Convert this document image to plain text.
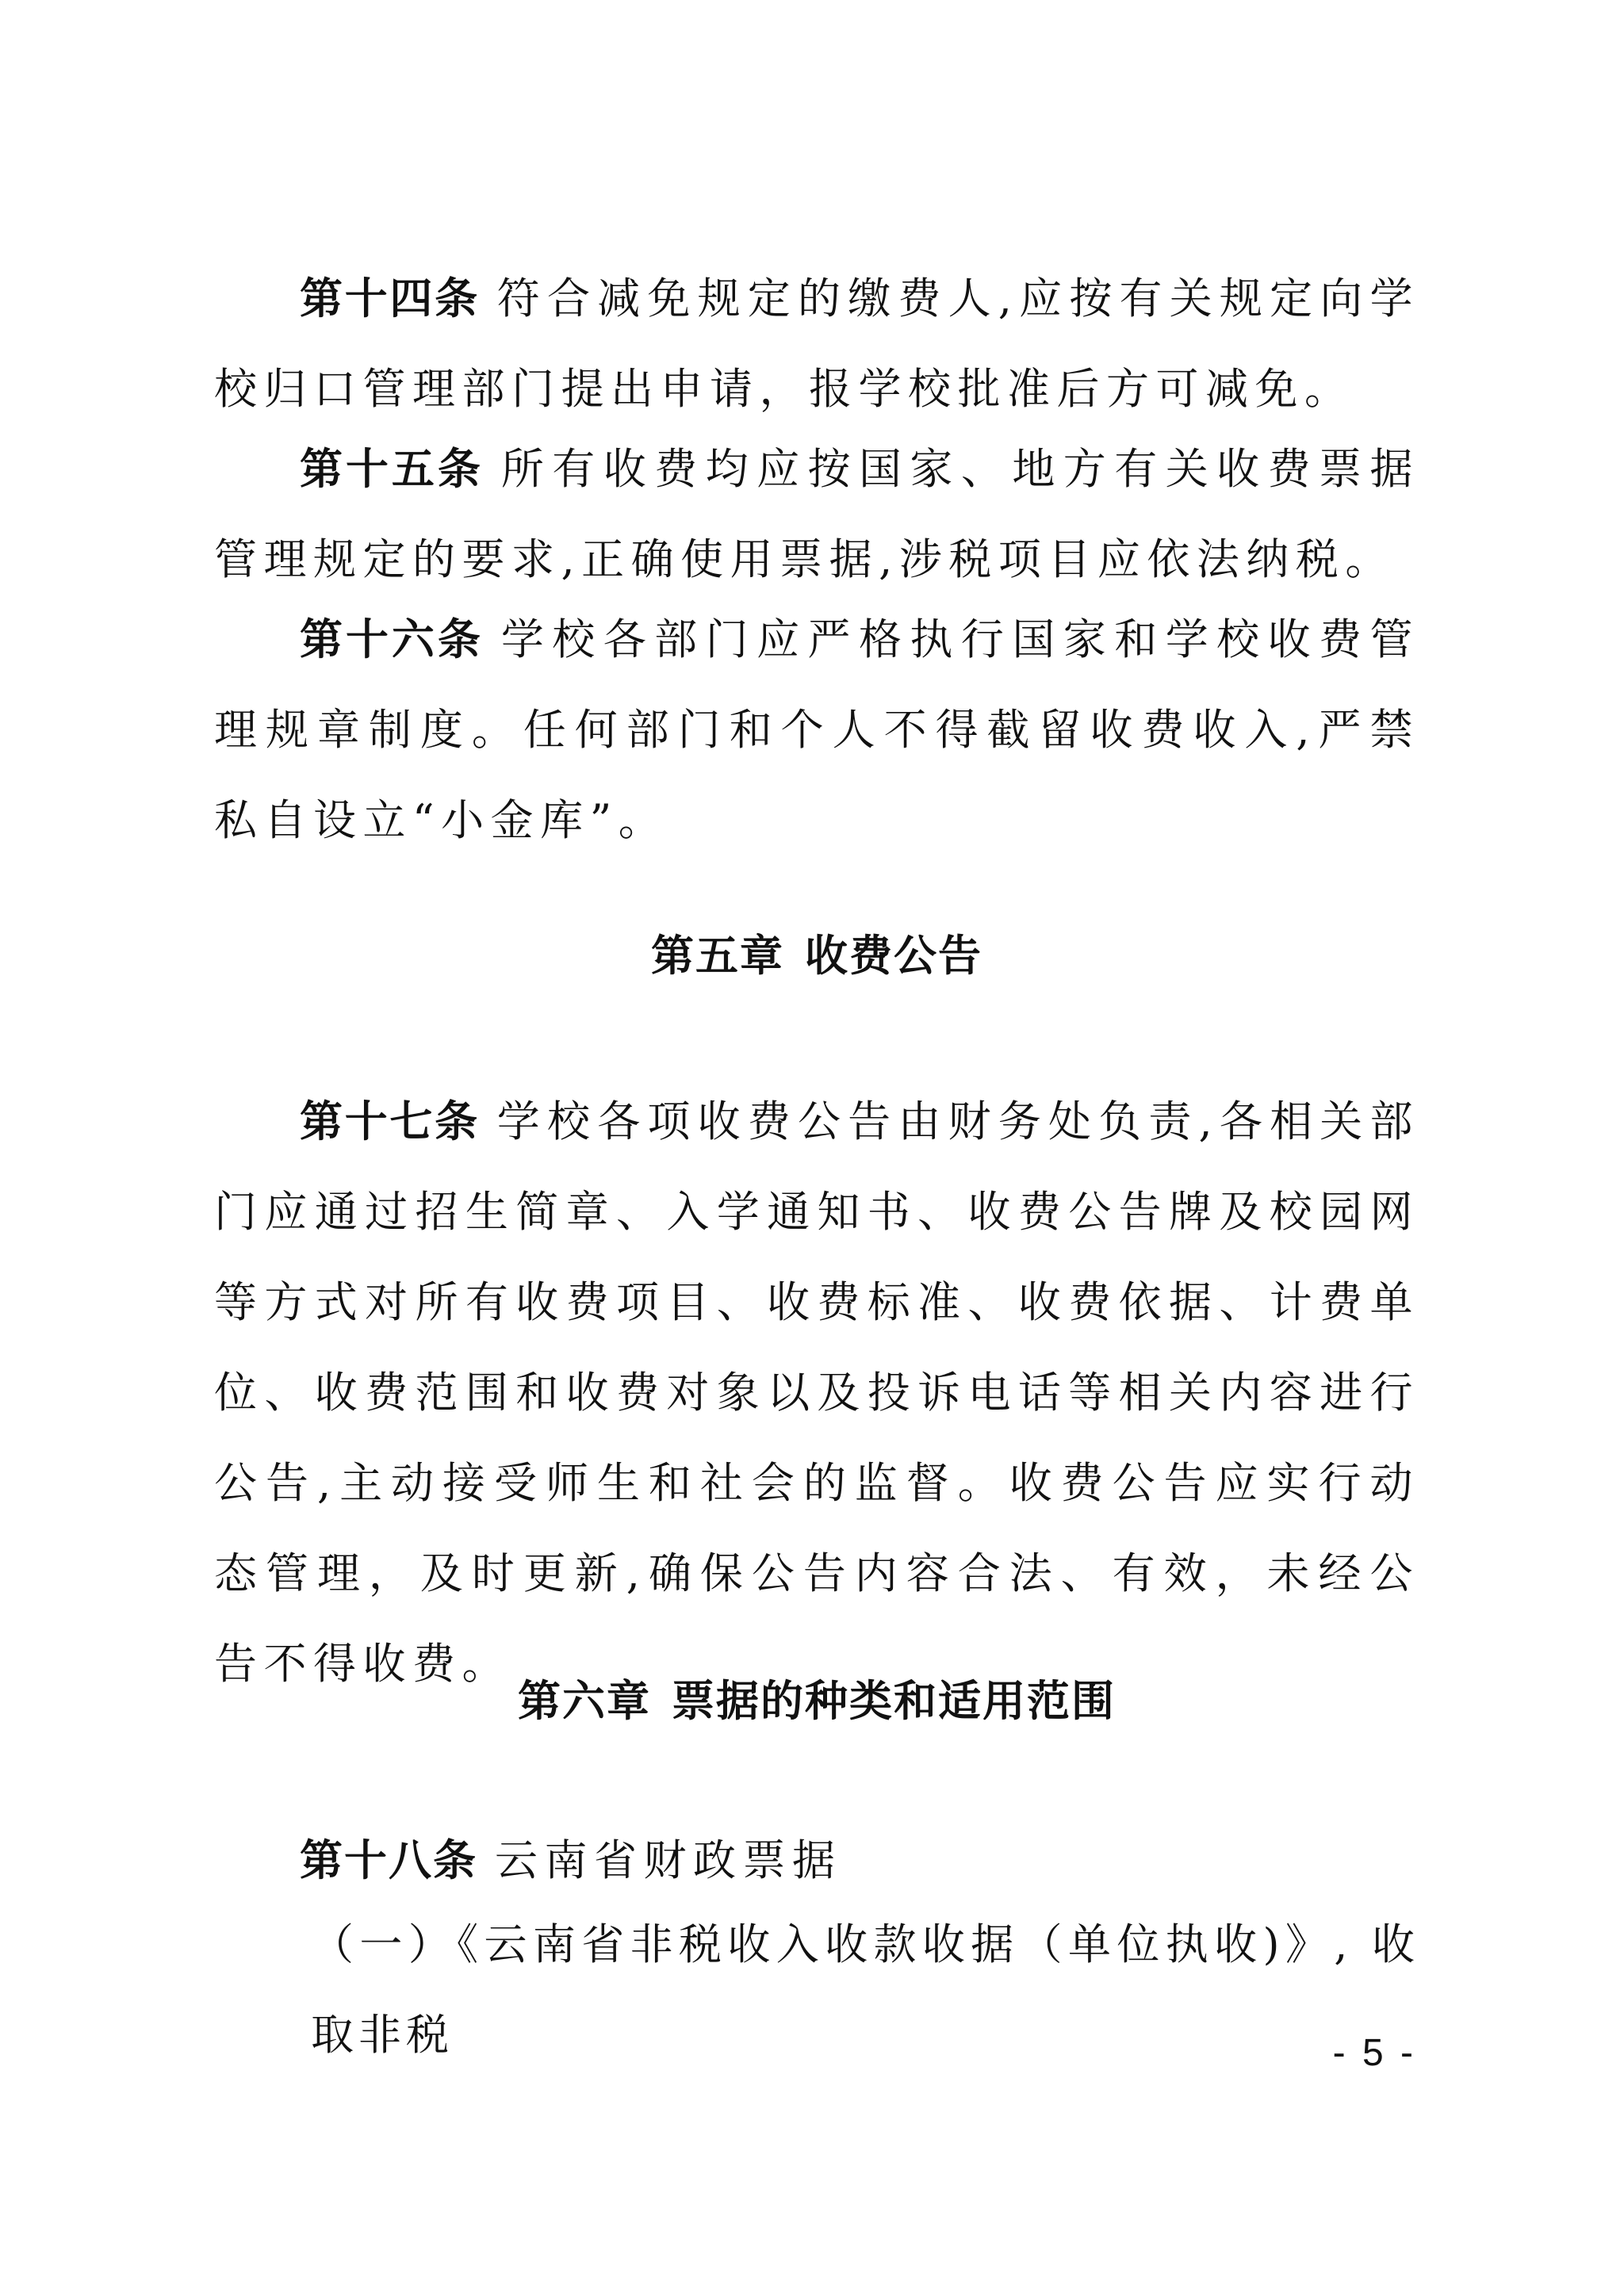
第十四条 符合减免规定的缴费人,应按有关规定向学校归口管理部门提出申请，报学校批准后方可减免。

第十五条 所有收费均应按国家、地方有关收费票据管理规定的要求,正确使用票据,涉税项目应依法纳税。

第十六条 学校各部门应严格执行国家和学校收费管理规章制度。任何部门和个人不得截留收费收入,严禁私自设立“小金库”。

第五章 收费公告

第十七条 学校各项收费公告由财务处负责,各相关部门应通过招生简章、入学通知书、收费公告牌及校园网等方式对所有收费项目、收费标准、收费依据、计费单位、收费范围和收费对象以及投诉电话等相关内容进行公告,主动接受师生和社会的监督。收费公告应实行动态管理，及时更新,确保公告内容合法、有效，未经公告不得收费。

第六章 票据的种类和适用范围

第十八条 云南省财政票据

（一）《云南省非税收入收款收据（单位执收)》, 收取非税	- 5 -
